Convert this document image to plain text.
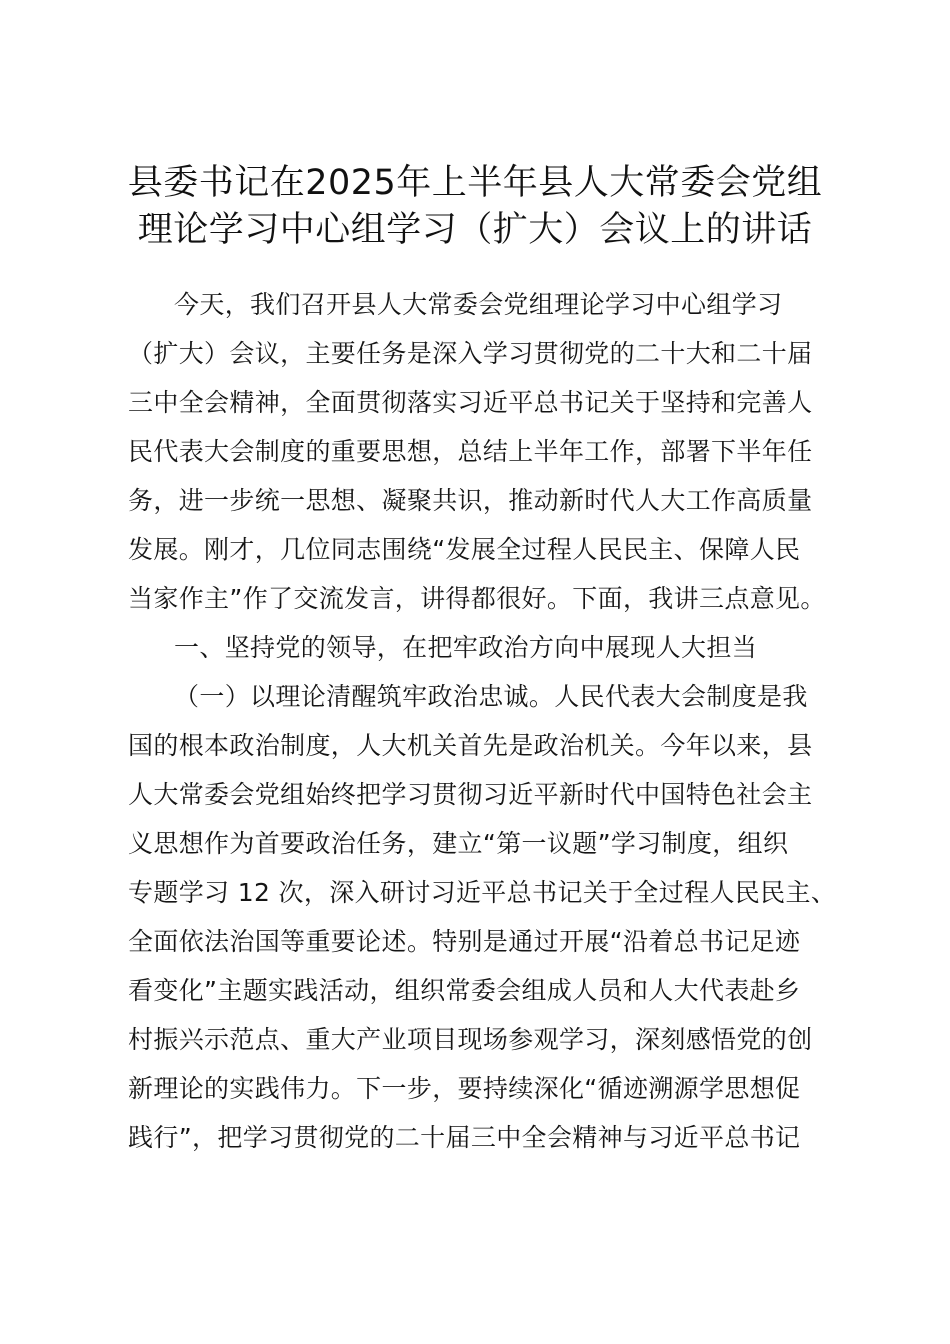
县委书记在2025年上半年县人大常委会党组
理论学习中心组学习（扩大）会议上的讲话
今天，我们召开县人大常委会党组理论学习中心组学习
（扩大）会议，主要任务是深入学习贯彻党的二十大和二十届
三中全会精神，全面贯彻落实习近平总书记关于坚持和完善人
民代表大会制度的重要思想，总结上半年工作，部署下半年任
务，进一步统一思想、凝聚共识，推动新时代人大工作高质量
发展。刚才，几位同志围绕“发展全过程人民民主、保障人民
当家作主”作了交流发言，讲得都很好。下面，我讲三点意见。
一、坚持党的领导，在把牢政治方向中展现人大担当
（一）以理论清醒筑牢政治忠诚。人民代表大会制度是我
国的根本政治制度，人大机关首先是政治机关。今年以来，县
人大常委会党组始终把学习贯彻习近平新时代中国特色社会主
义思想作为首要政治任务，建立“第一议题”学习制度，组织
专题学习 12 次，深入研讨习近平总书记关于全过程人民民主、
全面依法治国等重要论述。特别是通过开展“沿着总书记足迹
看变化”主题实践活动，组织常委会组成人员和人大代表赴乡
村振兴示范点、重大产业项目现场参观学习，深刻感悟党的创
新理论的实践伟力。下一步，要持续深化“循迹溯源学思想促
践行”，把学习贯彻党的二十届三中全会精神与习近平总书记
